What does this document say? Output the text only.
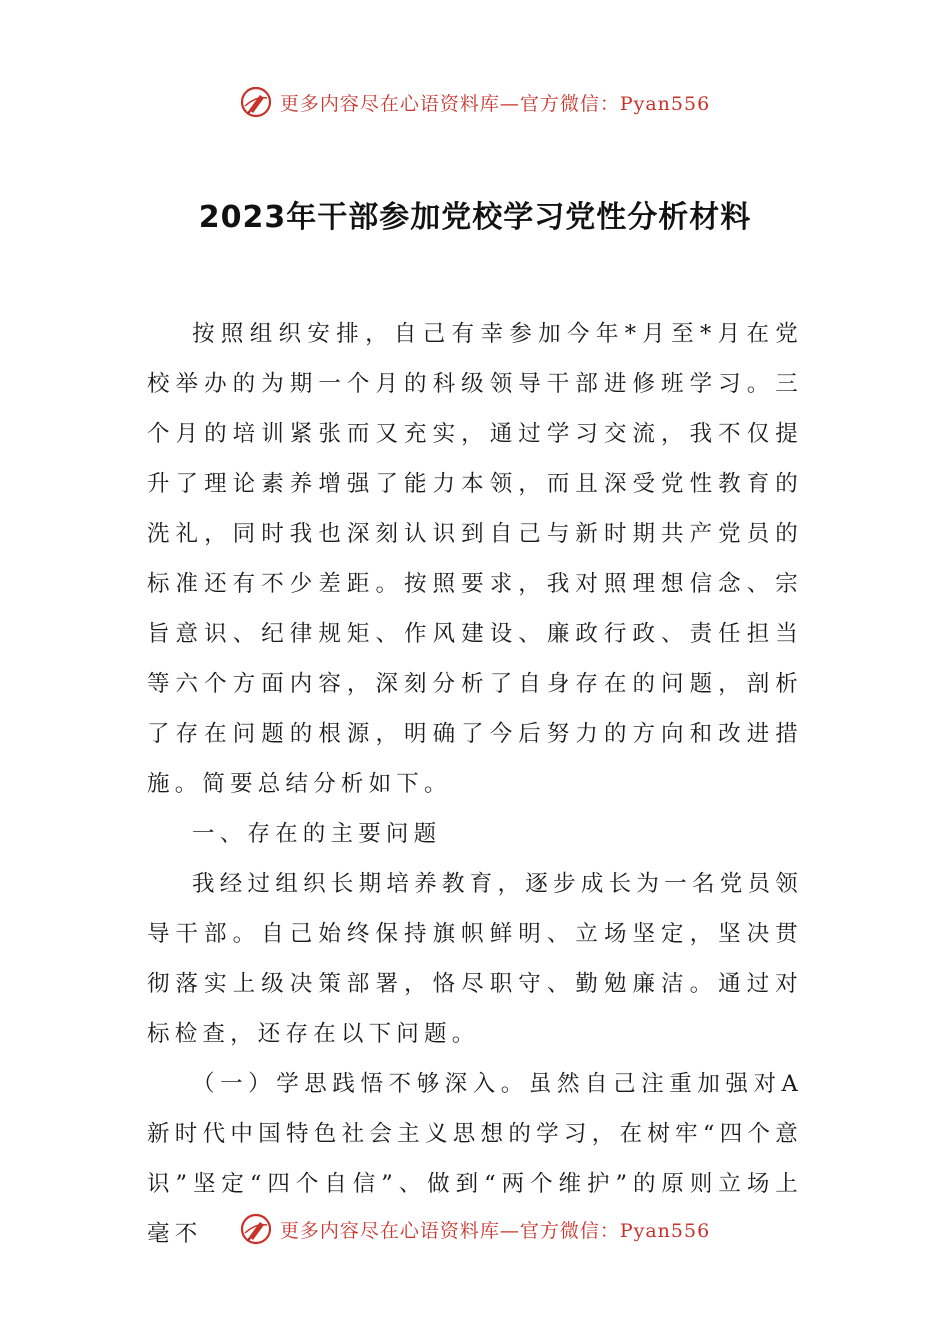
更多内容尽在心语资料库—官方微信：Pyan556
2023年干部参加党校学习党性分析材料

按照组织安排，自己有幸参加今年*月至*月在党校举办的为期一个月的科级领导干部进修班学习。三个月的培训紧张而又充实，通过学习交流，我不仅提升了理论素养增强了能力本领，而且深受党性教育的洗礼，同时我也深刻认识到自己与新时期共产党员的标准还有不少差距。按照要求，我对照理想信念、宗旨意识、纪律规矩、作风建设、廉政行政、责任担当等六个方面内容，深刻分析了自身存在的问题，剖析了存在问题的根源，明确了今后努力的方向和改进措施。简要总结分析如下。

一、存在的主要问题

我经过组织长期培养教育，逐步成长为一名党员领导干部。自己始终保持旗帜鲜明、立场坚定，坚决贯彻落实上级决策部署，恪尽职守、勤勉廉洁。通过对标检查，还存在以下问题。

（一）学思践悟不够深入。虽然自己注重加强对A新时代中国特色社会主义思想的学习，在树牢“四个意识”坚定“四个自信”、做到“两个维护”的原则立场上毫不	更多内容尽在心语资料库—官方微信：Pyan556
